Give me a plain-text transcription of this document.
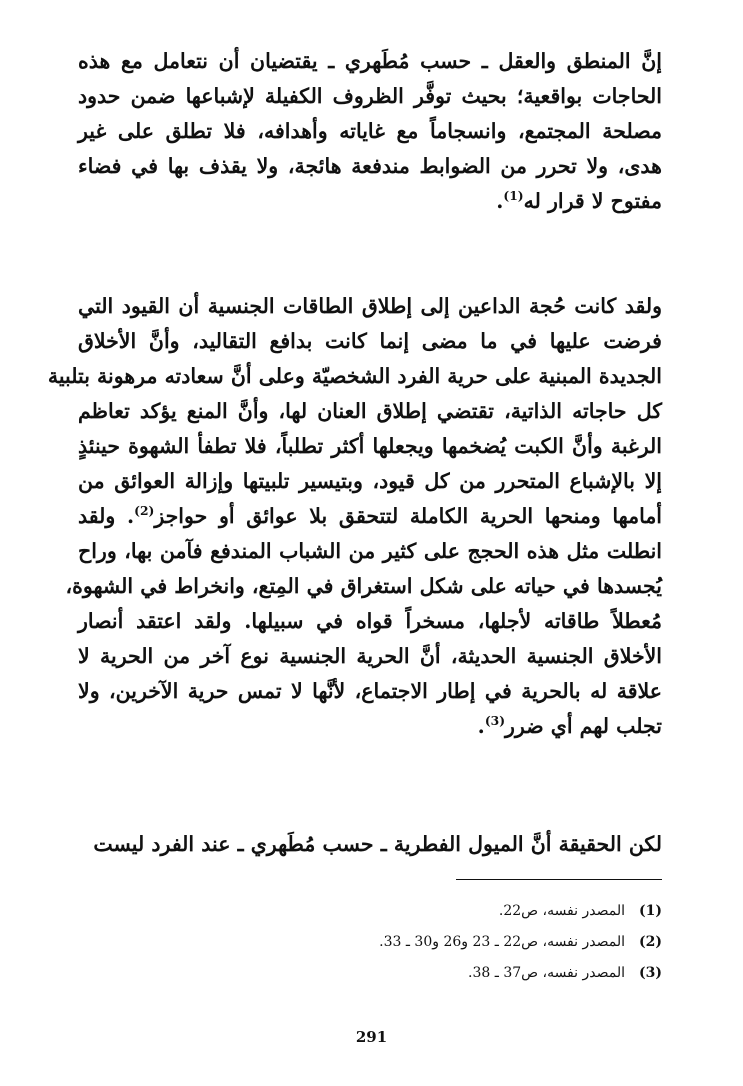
إنَّ المنطق والعقل ـ حسب مُطَهري ـ يقتضيان أن نتعامل مع هذه
الحاجات بواقعية؛ بحيث توفَّر الظروف الكفيلة لإشباعها ضمن حدود
مصلحة المجتمع، وانسجاماً مع غاياته وأهدافه، فلا تطلق على غير
هدى، ولا تحرر من الضوابط مندفعة هائجة، ولا يقذف بها في فضاء
مفتوح لا قرار له$^{(1)}$.
ولقد كانت حُجة الداعين إلى إطلاق الطاقات الجنسية أن القيود التي
فرضت عليها في ما مضى إنما كانت بدافع التقاليد، وأنَّ الأخلاق
الجديدة المبنية على حرية الفرد الشخصيّة وعلى أنَّ سعادته مرهونة بتلبية
كل حاجاته الذاتية، تقتضي إطلاق العنان لها، وأنَّ المنع يؤكد تعاظم
الرغبة وأنَّ الكبت يُضخمها ويجعلها أكثر تطلباً، فلا تطفأ الشهوة حينئذٍ
إلا بالإشباع المتحرر من كل قيود، وبتيسير تلبيتها وإزالة العوائق من
أمامها ومنحها الحرية الكاملة لتتحقق بلا عوائق أو حواجز$^{(2)}$. ولقد
انطلت مثل هذه الحجج على كثير من الشباب المندفع فآمن بها، وراح
يُجسدها في حياته على شكل استغراق في المِتع، وانخراط في الشهوة،
مُعطلاً طاقاته لأجلها، مسخراً قواه في سبيلها. ولقد اعتقد أنصار
الأخلاق الجنسية الحديثة، أنَّ الحرية الجنسية نوع آخر من الحرية لا
علاقة له بالحرية في إطار الاجتماع، لأنَّها لا تمس حرية الآخرين، ولا
تجلب لهم أي ضرر$^{(3)}$.
لكن الحقيقة أنَّ الميول الفطرية ـ حسب مُطَهري ـ عند الفرد ليست
(1)المصدر نفسه، ص22.
(2)المصدر نفسه، ص22 ـ 23 و26 و30 ـ 33.
(3)المصدر نفسه، ص37 ـ 38.
291
